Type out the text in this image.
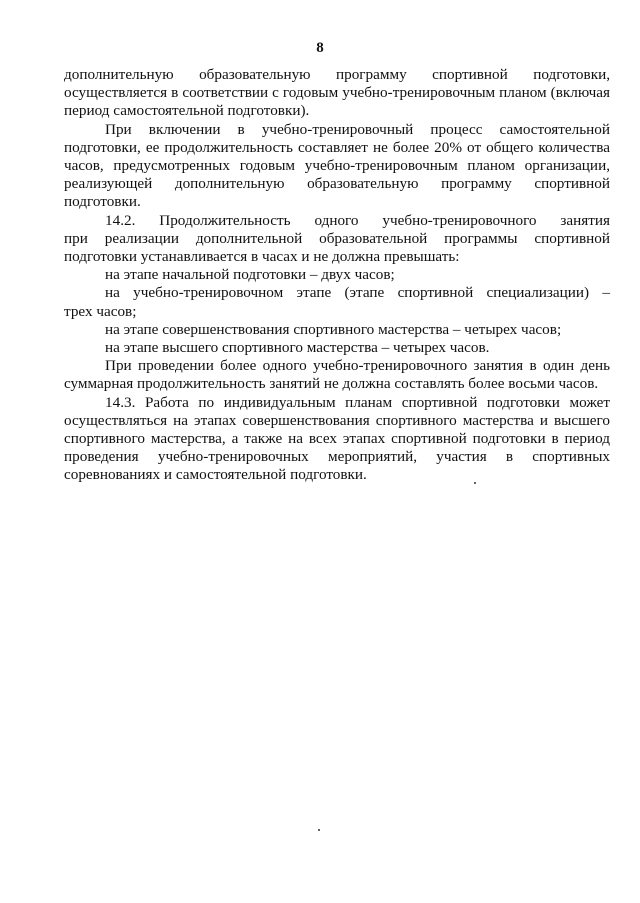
8
дополнительную образовательную программу спортивной подготовки,
осуществляется в соответствии с годовым учебно-тренировочным планом (включая
период самостоятельной подготовки).
При включении в учебно-тренировочный процесс самостоятельной
подготовки, ее продолжительность составляет не более 20% от общего количества
часов, предусмотренных годовым учебно-тренировочным планом организации,
реализующей дополнительную образовательную программу спортивной
подготовки.
14.2. Продолжительность одного учебно-тренировочного занятия
при реализации дополнительной образовательной программы спортивной
подготовки устанавливается в часах и не должна превышать:
на этапе начальной подготовки – двух часов;
на учебно-тренировочном этапе (этапе спортивной специализации) –
трех часов;
на этапе совершенствования спортивного мастерства – четырех часов;
на этапе высшего спортивного мастерства – четырех часов.
При проведении более одного учебно-тренировочного занятия в один день
суммарная продолжительность занятий не должна составлять более восьми часов.
14.3. Работа по индивидуальным планам спортивной подготовки может
осуществляться на этапах совершенствования спортивного мастерства и высшего
спортивного мастерства, а также на всех этапах спортивной подготовки в период
проведения учебно-тренировочных мероприятий, участия в спортивных
соревнованиях и самостоятельной подготовки.
